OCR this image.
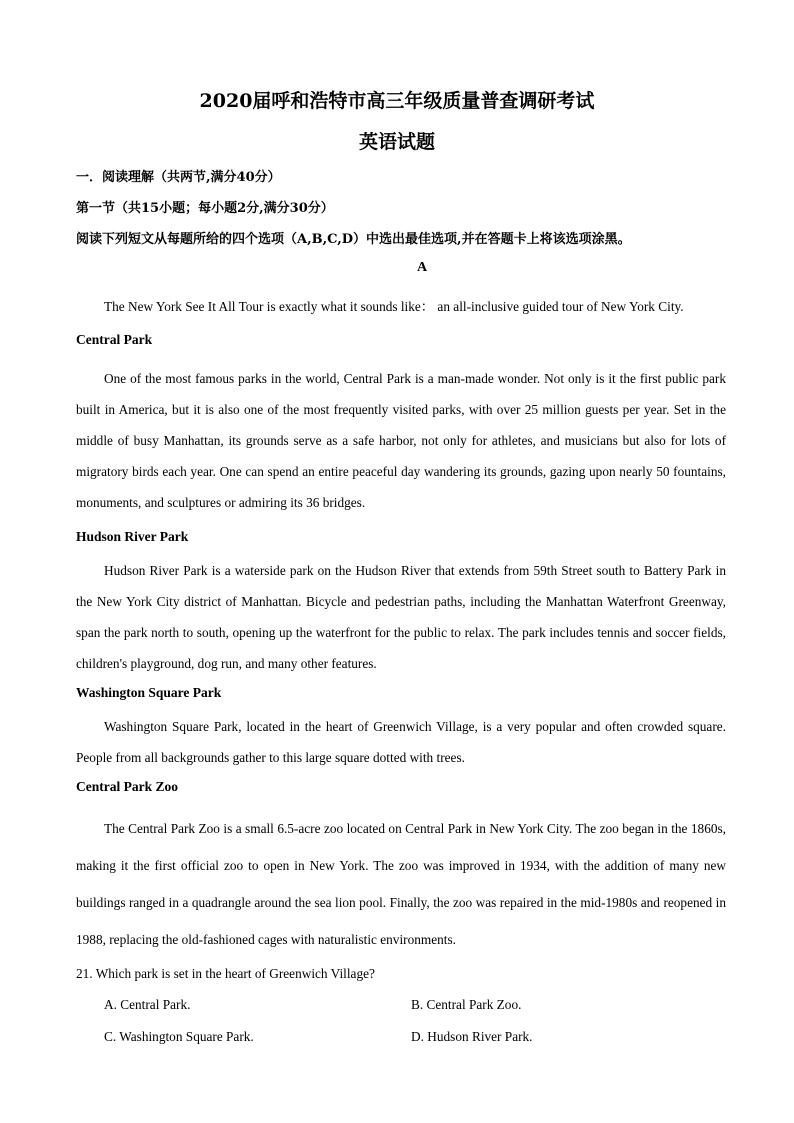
2020届呼和浩特市高三年级质量普查调研考试
英语试题
一．阅读理解（共两节,满分40分）
第一节（共15小题；每小题2分,满分30分）
阅读下列短文从每题所给的四个选项（A,B,C,D）中选出最佳选项,并在答题卡上将该选项涂黑。
A
The New York See It All Tour is exactly what it sounds like： an all-inclusive guided tour of New York City.
Central Park

One of the most famous parks in the world, Central Park is a man-made wonder. Not only is it the first public park built in America, but it is also one of the most frequently visited parks, with over 25 million guests per year. Set in the middle of busy Manhattan, its grounds serve as a safe harbor, not only for athletes, and musicians but also for lots of migratory birds each year. One can spend an entire peaceful day wandering its grounds, gazing upon nearly 50 fountains, monuments, and sculptures or admiring its 36 bridges.

Hudson River Park

Hudson River Park is a waterside park on the Hudson River that extends from 59th Street south to Battery Park in the New York City district of Manhattan. Bicycle and pedestrian paths, including the Manhattan Waterfront Greenway, span the park north to south, opening up the waterfront for the public to relax. The park includes tennis and soccer fields, children's playground, dog run, and many other features.

Washington Square Park

Washington Square Park, located in the heart of Greenwich Village, is a very popular and often crowded square. People from all backgrounds gather to this large square dotted with trees.

Central Park Zoo

The Central Park Zoo is a small 6.5-acre zoo located on Central Park in New York City. The zoo began in the 1860s, making it the first official zoo to open in New York. The zoo was improved in 1934, with the addition of many new buildings ranged in a quadrangle around the sea lion pool. Finally, the zoo was repaired in the mid-1980s and reopened in 1988, replacing the old-fashioned cages with naturalistic environments.

21. Which park is set in the heart of Greenwich Village?
A. Central Park.	B. Central Park Zoo.
C. Washington Square Park.	D. Hudson River Park.
